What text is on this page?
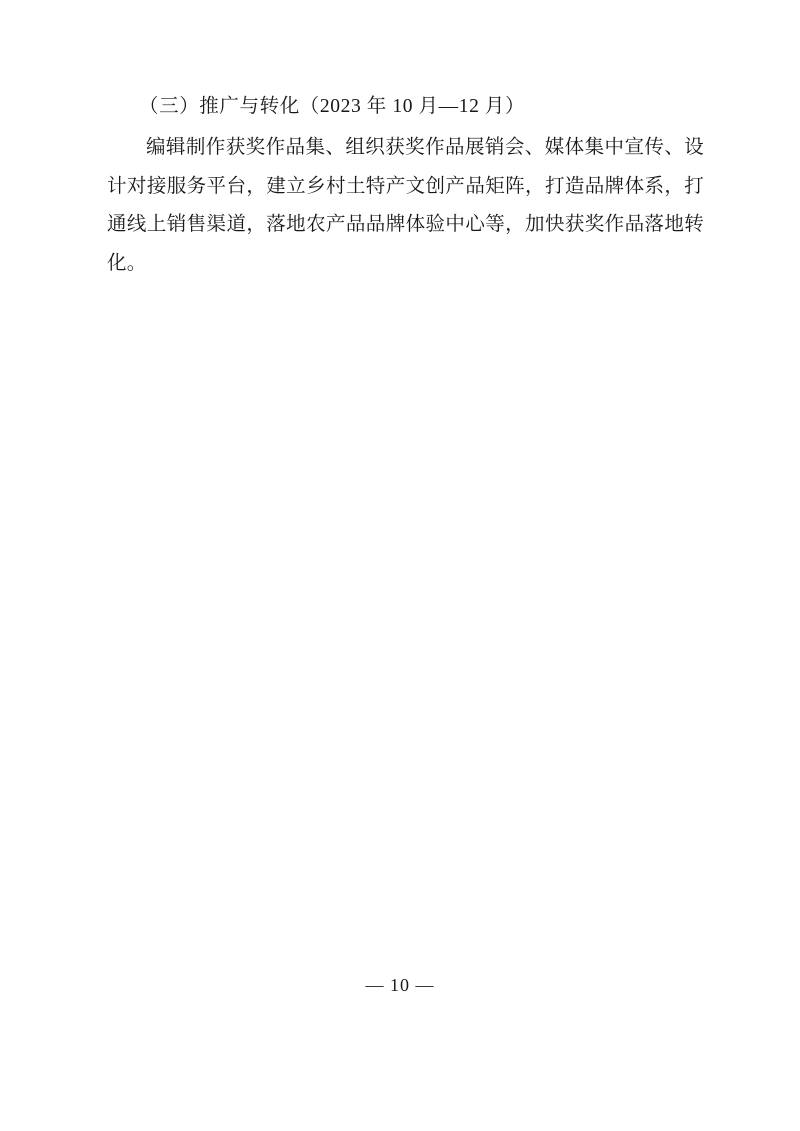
（三）推广与转化（2023 年 10 月—12 月）
编辑制作获奖作品集、组织获奖作品展销会、媒体集中宣传、设计对接服务平台，建立乡村土特产文创产品矩阵，打造品牌体系，打通线上销售渠道，落地农产品品牌体验中心等，加快获奖作品落地转化。
— 10 —
